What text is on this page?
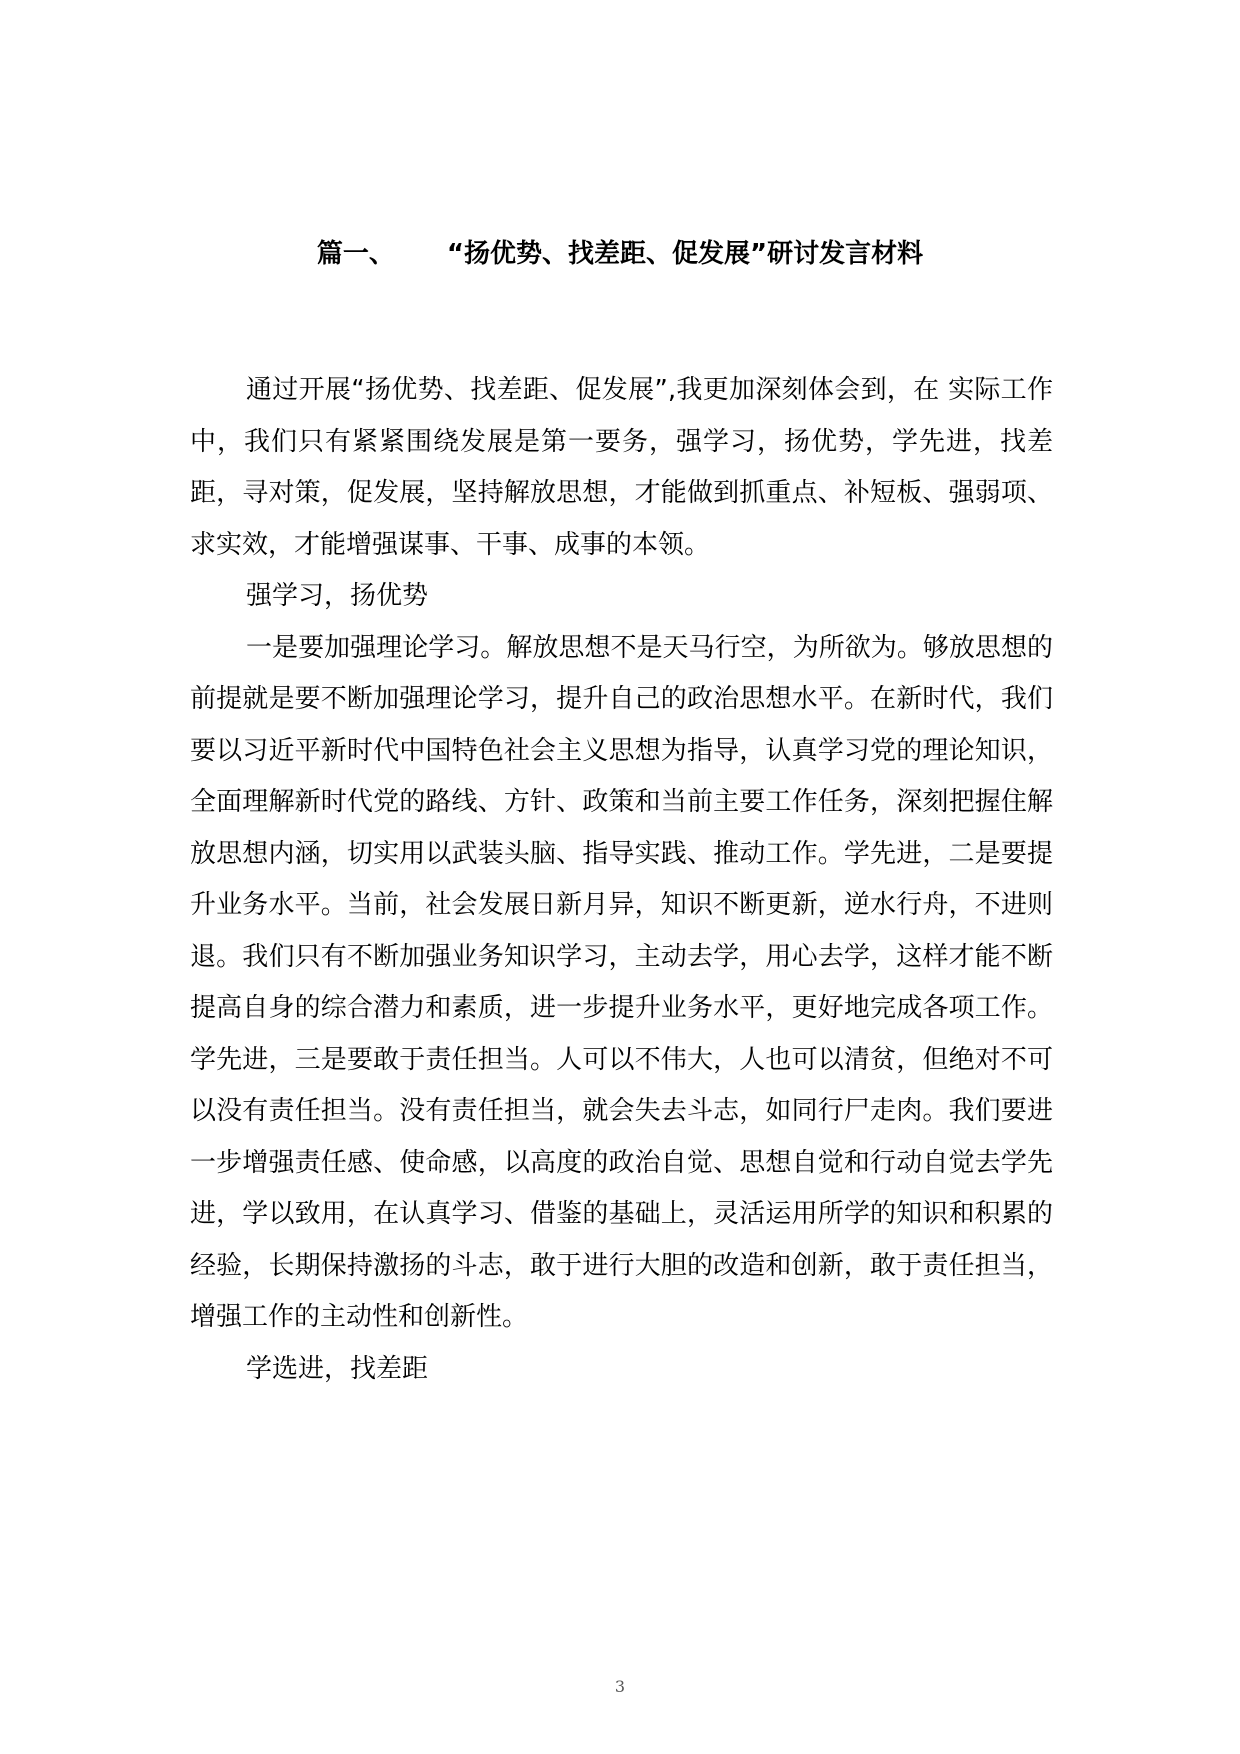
篇一、 “扬优势、找差距、促发展”研讨发言材料

通过开展“扬优势、找差距、促发展”,我更加深刻体会到，在 实际工作中，我们只有紧紧围绕发展是第一要务，强学习，扬优势，学先进，找差距，寻对策，促发展，坚持解放思想，才能做到抓重点、补短板、强弱项、求实效，才能增强谋事、干事、成事的本领。

强学习，扬优势

一是要加强理论学习。解放思想不是天马行空，为所欲为。够放思想的前提就是要不断加强理论学习，提升自己的政治思想水平。在新时代，我们要以习近平新时代中国特色社会主义思想为指导，认真学习党的理论知识，全面理解新时代党的路线、方针、政策和当前主要工作任务，深刻把握住解放思想内涵，切实用以武装头脑、指导实践、推动工作。学先进，二是要提升业务水平。当前，社会发展日新月异，知识不断更新，逆水行舟，不进则退。我们只有不断加强业务知识学习，主动去学，用心去学，这样才能不断提高自身的综合潜力和素质，进一步提升业务水平，更好地完成各项工作。学先进，三是要敢于责任担当。人可以不伟大，人也可以清贫，但绝对不可以没有责任担当。没有责任担当，就会失去斗志，如同行尸走肉。我们要进一步增强责任感、使命感，以高度的政治自觉、思想自觉和行动自觉去学先进，学以致用，在认真学习、借鉴的基础上，灵活运用所学的知识和积累的经验，长期保持激扬的斗志，敢于进行大胆的改造和创新，敢于责任担当，增强工作的主动性和创新性。

学选进，找差距

3
